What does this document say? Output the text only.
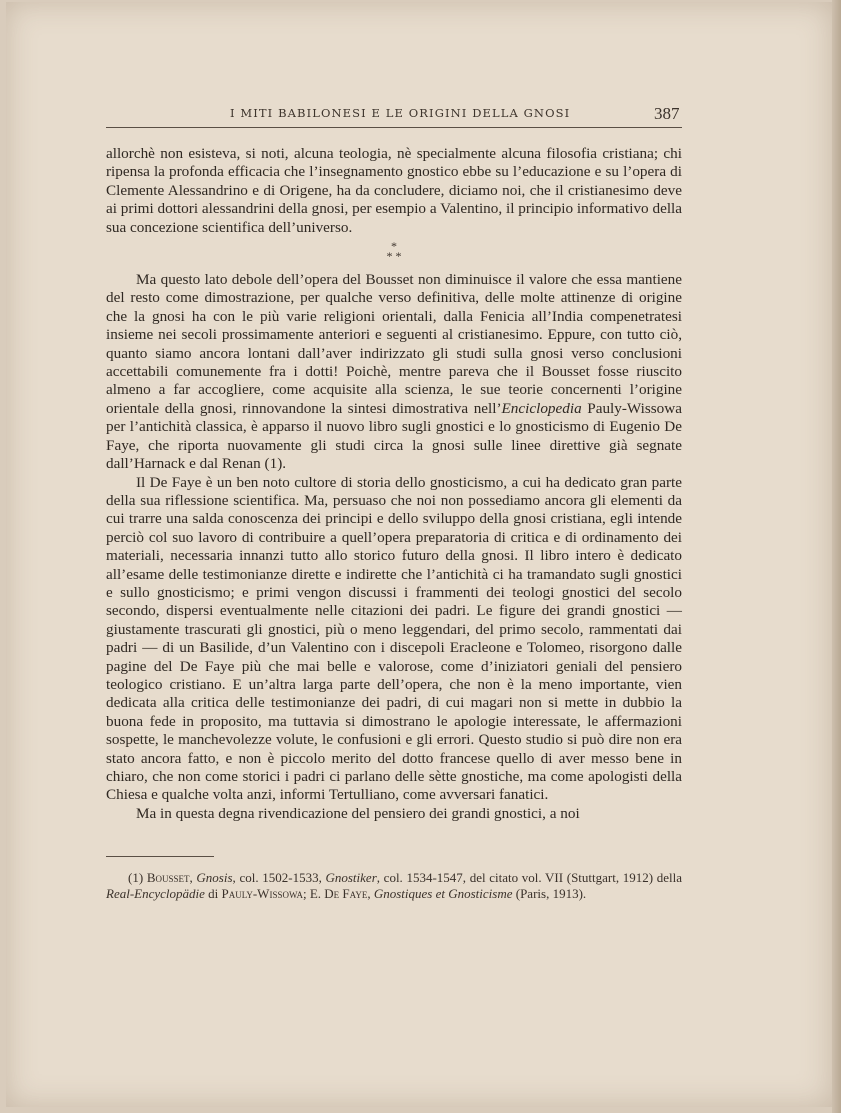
I MITI BABILONESI E LE ORIGINI DELLA GNOSI	387

allorchè non esisteva, si noti, alcuna teologia, nè specialmente alcuna filosofia cristiana; chi ripensa la profonda efficacia che l’insegnamento gnostico ebbe su l’educazione e su l’opera di Clemente Alessandrino e di Origene, ha da concludere, diciamo noi, che il cristianesimo deve ai primi dottori alessandrini della gnosi, per esempio a Valentino, il principio informativo della sua concezione scientifica dell’universo.

*
* *

Ma questo lato debole dell’opera del Bousset non diminuisce il valore che essa mantiene del resto come dimostrazione, per qualche verso definitiva, delle molte attinenze di origine che la gnosi ha con le più varie religioni orientali, dalla Fenicia all’India compenetratesi insieme nei secoli prossimamente anteriori e seguenti al cristianesimo. Eppure, con tutto ciò, quanto siamo ancora lontani dall’aver indirizzato gli studi sulla gnosi verso conclusioni accettabili comunemente fra i dotti! Poichè, mentre pareva che il Bousset fosse riuscito almeno a far accogliere, come acquisite alla scienza, le sue teorie concernenti l’origine orientale della gnosi, rinnovandone la sintesi dimostrativa nell’Enciclopedia Pauly-Wissowa per l’antichità classica, è apparso il nuovo libro sugli gnostici e lo gnosticismo di Eugenio De Faye, che riporta nuovamente gli studi circa la gnosi sulle linee direttive già segnate dall’Harnack e dal Renan (1).

Il De Faye è un ben noto cultore di storia dello gnosticismo, a cui ha dedicato gran parte della sua riflessione scientifica. Ma, persuaso che noi non possediamo ancora gli elementi da cui trarre una salda conoscenza dei principi e dello sviluppo della gnosi cristiana, egli intende perciò col suo lavoro di contribuire a quell’opera preparatoria di critica e di ordinamento dei materiali, necessaria innanzi tutto allo storico futuro della gnosi. Il libro intero è dedicato all’esame delle testimonianze dirette e indirette che l’antichità ci ha tramandato sugli gnostici e sullo gnosticismo; e primi vengon discussi i frammenti dei teologi gnostici del secolo secondo, dispersi eventualmente nelle citazioni dei padri. Le figure dei grandi gnostici — giustamente trascurati gli gnostici, più o meno leggendari, del primo secolo, rammentati dai padri — di un Basilide, d’un Valentino con i discepoli Eracleone e Tolomeo, risorgono dalle pagine del De Faye più che mai belle e valorose, come d’iniziatori geniali del pensiero teologico cristiano. E un’altra larga parte dell’opera, che non è la meno importante, vien dedicata alla critica delle testimonianze dei padri, di cui magari non si mette in dubbio la buona fede in proposito, ma tuttavia si dimostrano le apologie interessate, le affermazioni sospette, le manchevolezze volute, le confusioni e gli errori. Questo studio si può dire non era stato ancora fatto, e non è piccolo merito del dotto francese quello di aver messo bene in chiaro, che non come storici i padri ci parlano delle sètte gnostiche, ma come apologisti della Chiesa e qualche volta anzi, informi Tertulliano, come avversari fanatici.

Ma in questa degna rivendicazione del pensiero dei grandi gnostici, a noi

(1) Bousset, Gnosis, col. 1502-1533, Gnostiker, col. 1534-1547, del citato vol. VII (Stuttgart, 1912) della Real-Encyclopädie di Pauly-Wissowa; E. De Faye, Gnostiques et Gnosticisme (Paris, 1913).
